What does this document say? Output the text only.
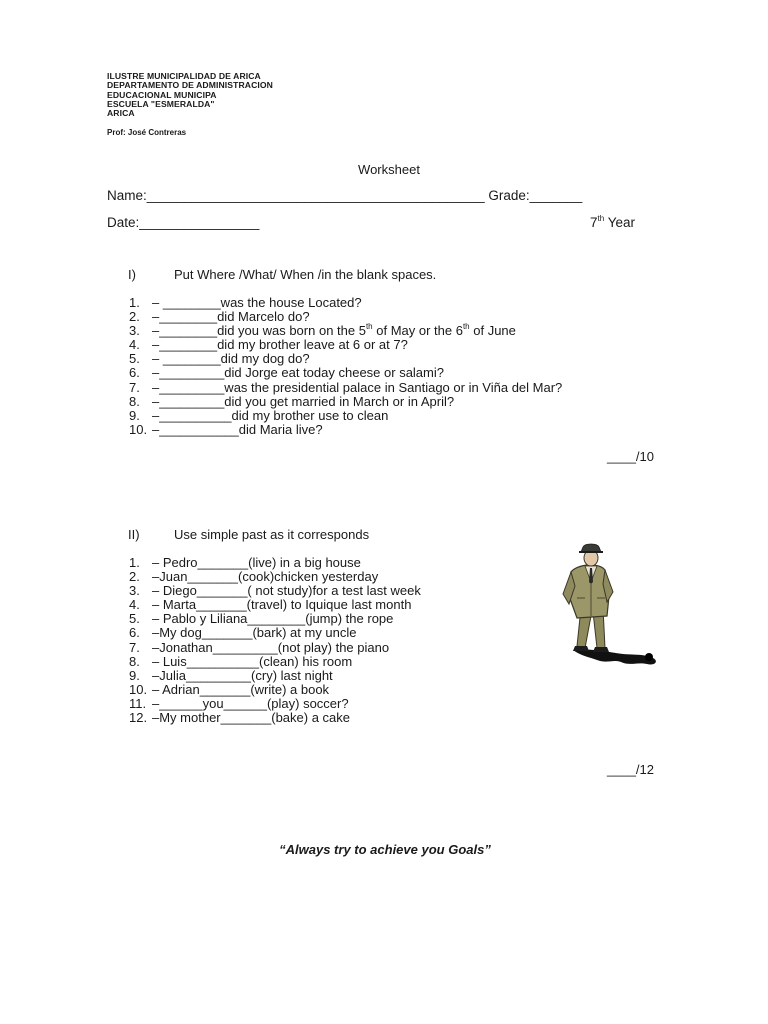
ILUSTRE MUNICIPALIDAD DE ARICA
DEPARTAMENTO DE ADMINISTRACION
EDUCACIONAL MUNICIPA
ESCUELA "ESMERALDA"
ARICA
Prof: José Contreras
Worksheet
Name:_____________________________________________ Grade:_______
Date:________________	7th Year
I)	Put Where /What/ When /in the blank spaces.
1. – ________was the house Located?
2. –________did Marcelo do?
3. –________did you was born on the 5th of May or the 6th of June
4. –________did my brother leave at 6 or at 7?
5. – ________did my dog do?
6. –_________did Jorge eat today cheese or salami?
7. –_________was the presidential palace in Santiago or in Viña del Mar?
8. –_________did you get married in March or in April?
9. –__________did my brother use to clean
10. –___________did Maria live?
____/10
II)	Use simple past as it corresponds
1. – Pedro_______(live) in a big house
2. –Juan_______(cook)chicken yesterday
3. – Diego_______( not study)for a test last week
4. – Marta_______(travel) to Iquique last month
5. – Pablo y Liliana________(jump) the rope
6. –My dog_______(bark) at my uncle
7. –Jonathan_________(not play) the piano
8. – Luis__________(clean) his room
9. –Julia_________(cry) last night
10. – Adrian_______(write) a book
11. –______you______(play) soccer?
12. –My mother_______(bake) a cake
____/12
“Always try to achieve you Goals”
